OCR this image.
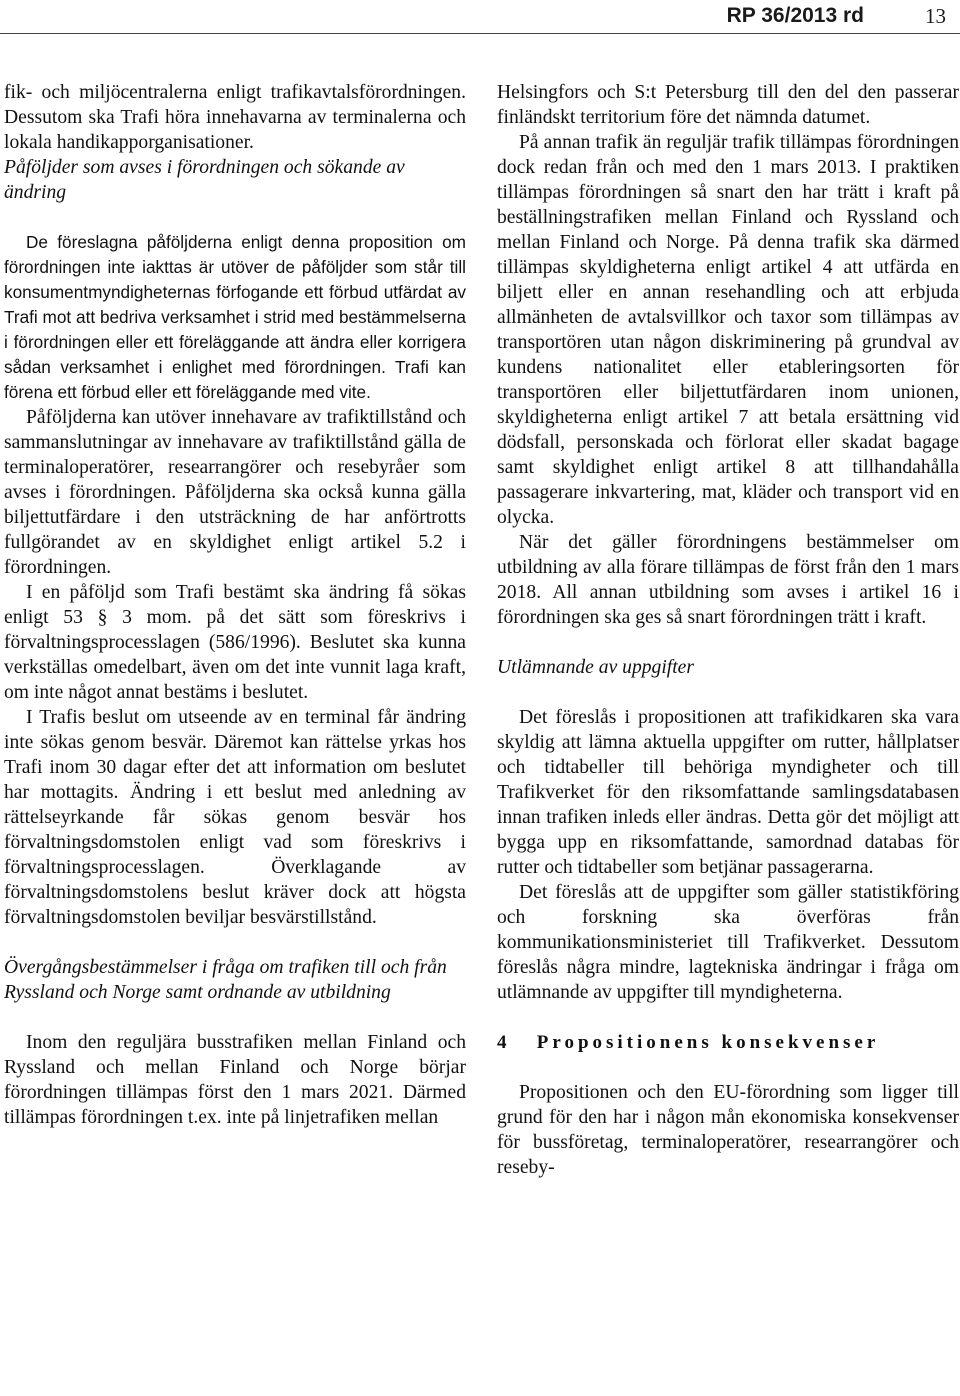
RP 36/2013 rd	13

fik- och miljöcentralerna enligt trafikavtalsförordningen. Dessutom ska Trafi höra innehavarna av terminalerna och lokala handikapporganisationer.

Påföljder som avses i förordningen och sökande av ändring

De föreslagna påföljderna enligt denna proposition om förordningen inte iakttas är utöver de påföljder som står till konsumentmyndigheternas förfogande ett förbud utfärdat av Trafi mot att bedriva verksamhet i strid med bestämmelserna i förordningen eller ett föreläggande att ändra eller korrigera sådan verksamhet i enlighet med förordningen. Trafi kan förena ett förbud eller ett föreläggande med vite.

Påföljderna kan utöver innehavare av trafiktillstånd och sammanslutningar av innehavare av trafiktillstånd gälla de terminaloperatörer, researrangörer och resebyråer som avses i förordningen. Påföljderna ska också kunna gälla biljettutfärdare i den utsträckning de har anförtrotts fullgörandet av en skyldighet enligt artikel 5.2 i förordningen.

I en påföljd som Trafi bestämt ska ändring få sökas enligt 53 § 3 mom. på det sätt som föreskrivs i förvaltningsprocesslagen (586/1996). Beslutet ska kunna verkställas omedelbart, även om det inte vunnit laga kraft, om inte något annat bestäms i beslutet.

I Trafis beslut om utseende av en terminal får ändring inte sökas genom besvär. Däremot kan rättelse yrkas hos Trafi inom 30 dagar efter det att information om beslutet har mottagits. Ändring i ett beslut med anledning av rättelseyrkande får sökas genom besvär hos förvaltningsdomstolen enligt vad som föreskrivs i förvaltningsprocesslagen. Överklagande av förvaltningsdomstolens beslut kräver dock att högsta förvaltningsdomstolen beviljar besvärstillstånd.

Övergångsbestämmelser i fråga om trafiken till och från Ryssland och Norge samt ordnande av utbildning

Inom den reguljära busstrafiken mellan Finland och Ryssland och mellan Finland och Norge börjar förordningen tillämpas först den 1 mars 2021. Därmed tillämpas förordningen t.ex. inte på linjetrafiken mellan

Helsingfors och S:t Petersburg till den del den passerar finländskt territorium före det nämnda datumet.

På annan trafik än reguljär trafik tillämpas förordningen dock redan från och med den 1 mars 2013. I praktiken tillämpas förordningen så snart den har trätt i kraft på beställningstrafiken mellan Finland och Ryssland och mellan Finland och Norge. På denna trafik ska därmed tillämpas skyldigheterna enligt artikel 4 att utfärda en biljett eller en annan resehandling och att erbjuda allmänheten de avtalsvillkor och taxor som tillämpas av transportören utan någon diskriminering på grundval av kundens nationalitet eller etableringsorten för transportören eller biljettutfärdaren inom unionen, skyldigheterna enligt artikel 7 att betala ersättning vid dödsfall, personskada och förlorat eller skadat bagage samt skyldighet enligt artikel 8 att tillhandahålla passagerare inkvartering, mat, kläder och transport vid en olycka.

När det gäller förordningens bestämmelser om utbildning av alla förare tillämpas de först från den 1 mars 2018. All annan utbildning som avses i artikel 16 i förordningen ska ges så snart förordningen trätt i kraft.

Utlämnande av uppgifter

Det föreslås i propositionen att trafikidkaren ska vara skyldig att lämna aktuella uppgifter om rutter, hållplatser och tidtabeller till behöriga myndigheter och till Trafikverket för den riksomfattande samlingsdatabasen innan trafiken inleds eller ändras. Detta gör det möjligt att bygga upp en riksomfattande, samordnad databas för rutter och tidtabeller som betjänar passagerarna.

Det föreslås att de uppgifter som gäller statistikföring och forskning ska överföras från kommunikationsministeriet till Trafikverket. Dessutom föreslås några mindre, lagtekniska ändringar i fråga om utlämnande av uppgifter till myndigheterna.

4 Propositionens konsekvenser

Propositionen och den EU-förordning som ligger till grund för den har i någon mån ekonomiska konsekvenser för bussföretag, terminaloperatörer, researrangörer och reseby-
